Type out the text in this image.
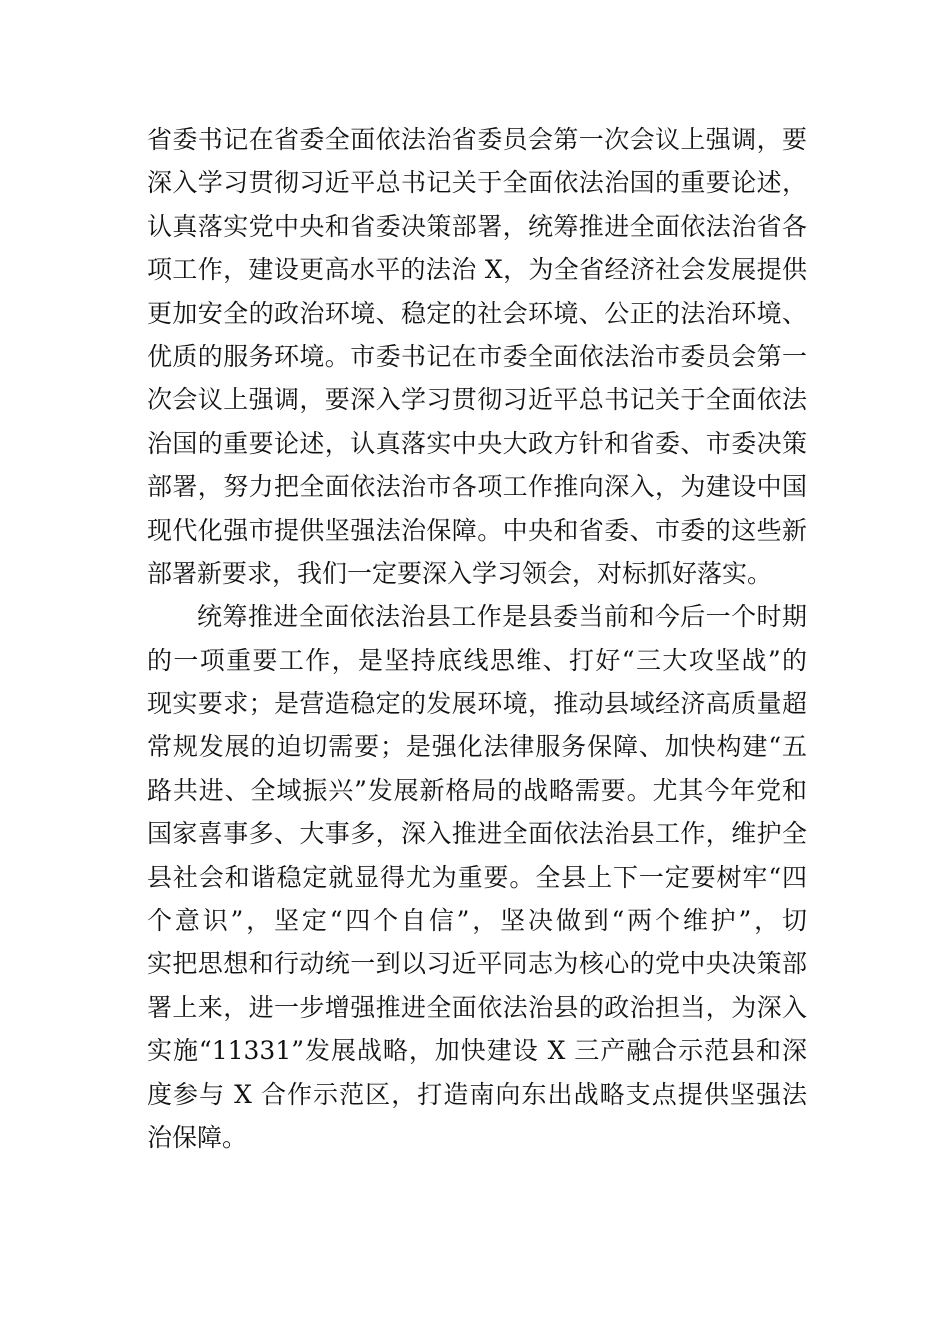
省委书记在省委全面依法治省委员会第一次会议上强调，要
深入学习贯彻习近平总书记关于全面依法治国的重要论述，
认真落实党中央和省委决策部署，统筹推进全面依法治省各
项工作，建设更高水平的法治 X，为全省经济社会发展提供
更加安全的政治环境、稳定的社会环境、公正的法治环境、
优质的服务环境。市委书记在市委全面依法治市委员会第一
次会议上强调，要深入学习贯彻习近平总书记关于全面依法
治国的重要论述，认真落实中央大政方针和省委、市委决策
部署，努力把全面依法治市各项工作推向深入，为建设中国
现代化强市提供坚强法治保障。中央和省委、市委的这些新
部署新要求，我们一定要深入学习领会，对标抓好落实。

统筹推进全面依法治县工作是县委当前和今后一个时期
的一项重要工作，是坚持底线思维、打好“三大攻坚战”的
现实要求；是营造稳定的发展环境，推动县域经济高质量超
常规发展的迫切需要；是强化法律服务保障、加快构建“五
路共进、全域振兴”发展新格局的战略需要。尤其今年党和
国家喜事多、大事多，深入推进全面依法治县工作，维护全
县社会和谐稳定就显得尤为重要。全县上下一定要树牢“四
个意识”，坚定“四个自信”，坚决做到“两个维护”，切
实把思想和行动统一到以习近平同志为核心的党中央决策部
署上来，进一步增强推进全面依法治县的政治担当，为深入
实施“11331”发展战略，加快建设 X 三产融合示范县和深
度参与 X 合作示范区，打造南向东出战略支点提供坚强法
治保障。
